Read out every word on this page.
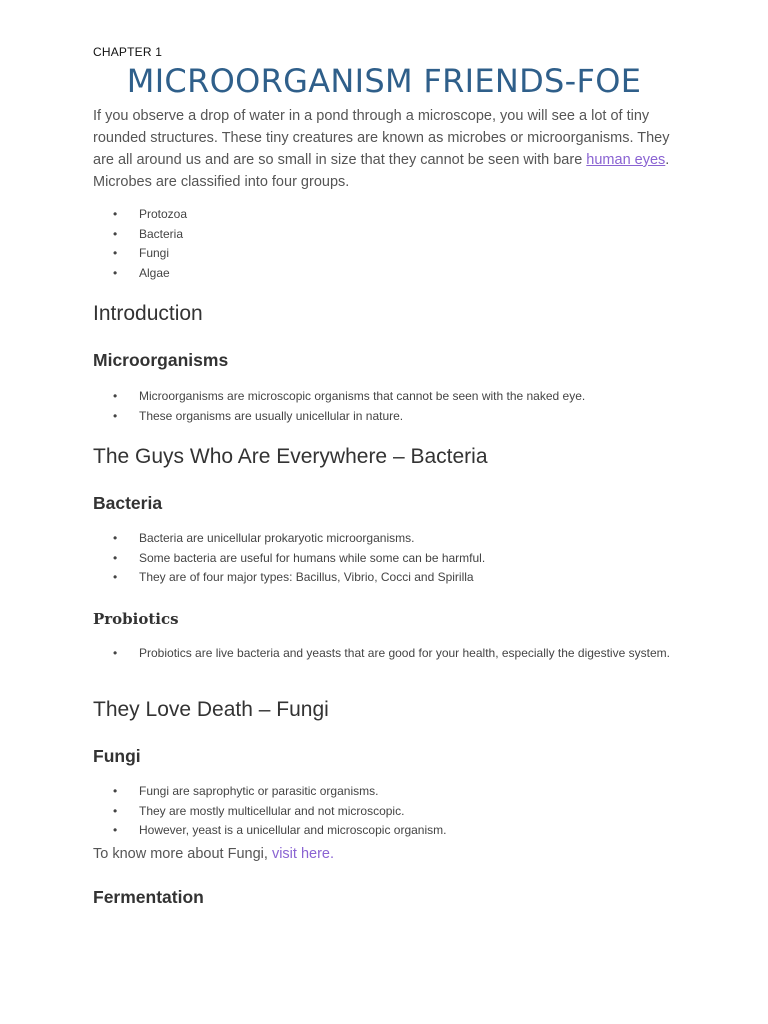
CHAPTER 1

MICROORGANISM FRIENDS-FOE

If you observe a drop of water in a pond through a microscope, you will see a lot of tiny rounded structures. These tiny creatures are known as microbes or microorganisms. They are all around us and are so small in size that they cannot be seen with bare human eyes. Microbes are classified into four groups.

• Protozoa
• Bacteria
• Fungi
• Algae
Introduction
Microorganisms
• Microorganisms are microscopic organisms that cannot be seen with the naked eye.
• These organisms are usually unicellular in nature.
The Guys Who Are Everywhere – Bacteria
Bacteria
• Bacteria are unicellular prokaryotic microorganisms.
• Some bacteria are useful for humans while some can be harmful.
• They are of four major types: Bacillus, Vibrio, Cocci and Spirilla
Probiotics
• Probiotics are live bacteria and yeasts that are good for your health, especially the digestive system.
They Love Death – Fungi
Fungi
• Fungi are saprophytic or parasitic organisms.
• They are mostly multicellular and not microscopic.
• However, yeast is a unicellular and microscopic organism.

To know more about Fungi, visit here.

Fermentation
